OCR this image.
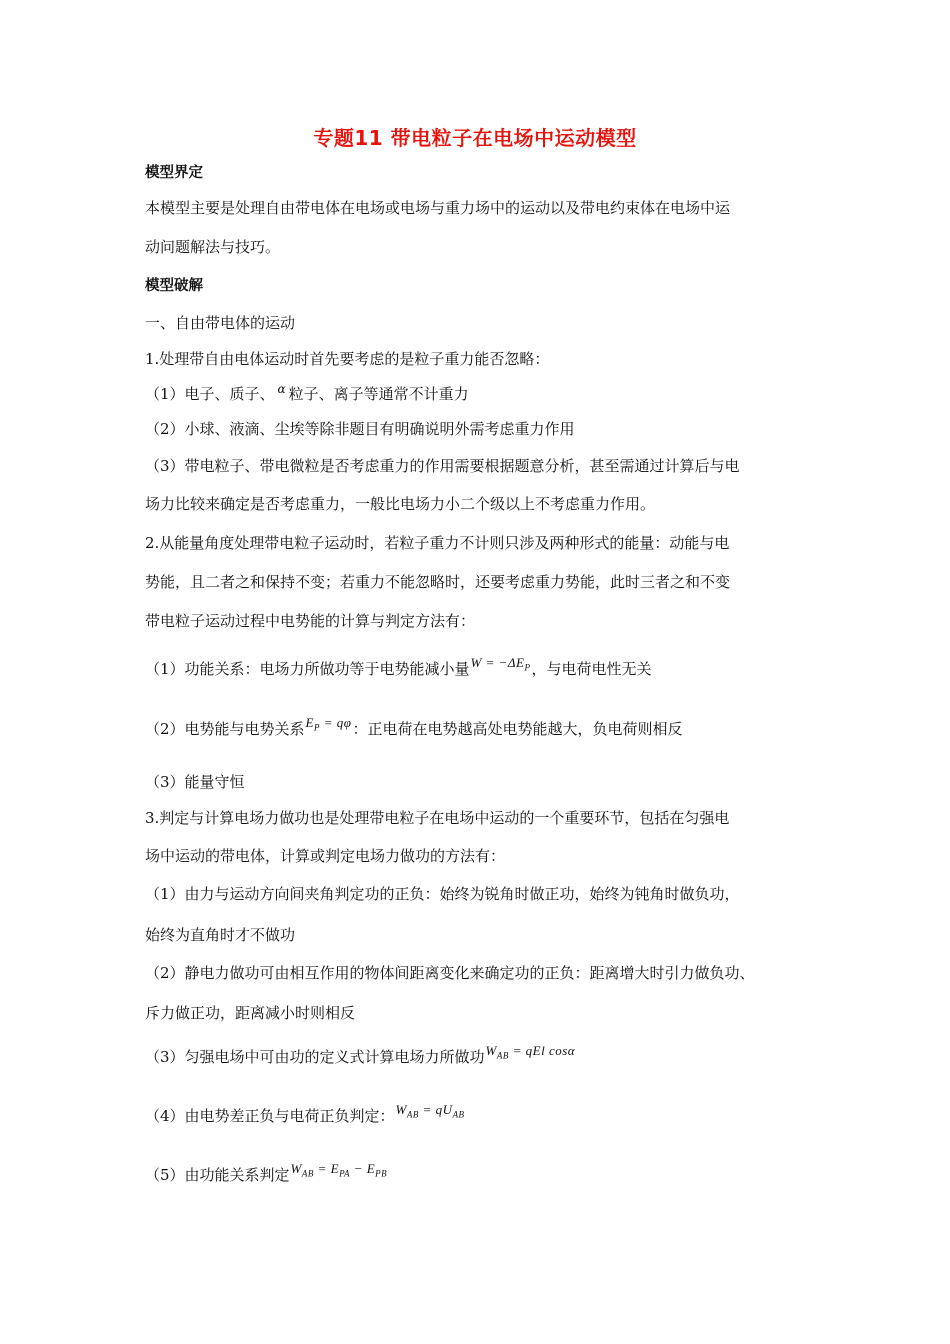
专题11 带电粒子在电场中运动模型
模型界定
本模型主要是处理自由带电体在电场或电场与重力场中的运动以及带电约束体在电场中运
动问题解法与技巧。
模型破解
一、自由带电体的运动
1.处理带自由电体运动时首先要考虑的是粒子重力能否忽略：
（1）电子、质子、 $^\alpha$ 粒子、离子等通常不计重力
（2）小球、液滴、尘埃等除非题目有明确说明外需考虑重力作用
（3）带电粒子、带电微粒是否考虑重力的作用需要根据题意分析，甚至需通过计算后与电
场力比较来确定是否考虑重力，一般比电场力小二个级以上不考虑重力作用。
2.从能量角度处理带电粒子运动时，若粒子重力不计则只涉及两种形式的能量：动能与电
势能，且二者之和保持不变；若重力不能忽略时，还要考虑重力势能，此时三者之和不变
带电粒子运动过程中电势能的计算与判定方法有：
（1）功能关系：电场力所做功等于电势能减小量$W = -\Delta E_P$，与电荷电性无关
（2）电势能与电势关系$E_P = q\varphi$：正电荷在电势越高处电势能越大，负电荷则相反
（3）能量守恒
3.判定与计算电场力做功也是处理带电粒子在电场中运动的一个重要环节，包括在匀强电
场中运动的带电体，计算或判定电场力做功的方法有：
（1）由力与运动方向间夹角判定功的正负：始终为锐角时做正功，始终为钝角时做负功，
始终为直角时才不做功
（2）静电力做功可由相互作用的物体间距离变化来确定功的正负：距离增大时引力做负功、
斥力做正功，距离减小时则相反
（3）匀强电场中可由功的定义式计算电场力所做功$W_{AB}$ = qEl cosα
（4）由电势差正负与电荷正负判定：$W_{AB} = qU_{AB}$
（5）由功能关系判定$W_{AB} = E_{PA} - E_{PB}$
